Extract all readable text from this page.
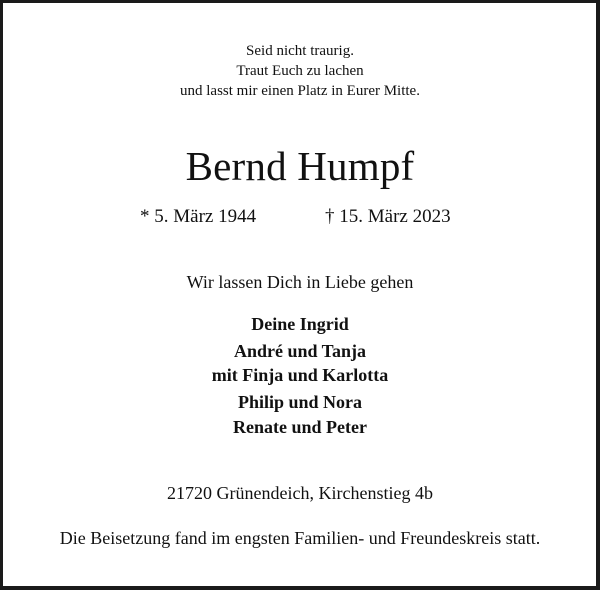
Seid nicht traurig.
Traut Euch zu lachen
und lasst mir einen Platz in Eurer Mitte.
Bernd Humpf
* 5. März 1944	† 15. März 2023
Wir lassen Dich in Liebe gehen
Deine Ingrid
André und Tanja
mit Finja und Karlotta
Philip und Nora
Renate und Peter
21720 Grünendeich, Kirchenstieg 4b
Die Beisetzung fand im engsten Familien- und Freundeskreis statt.
